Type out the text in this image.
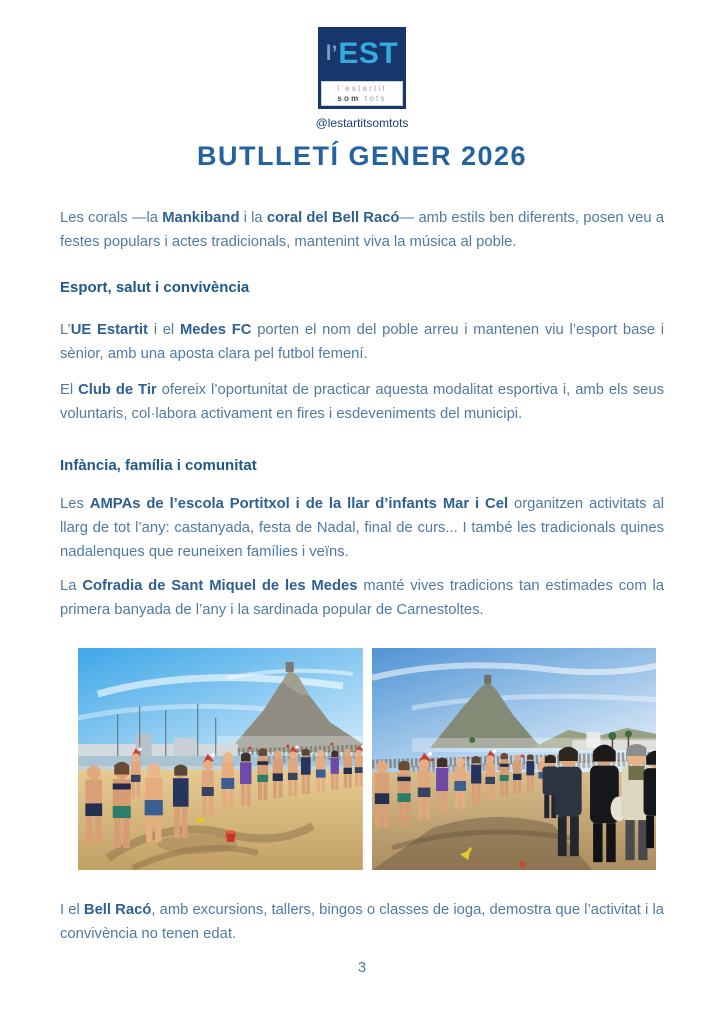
l’ EST
l’estartit
som tots
@lestartitsomtots
BUTLLETÍ GENER 2026

Les corals —la Mankiband i la coral del Bell Racó— amb estils ben diferents, posen veu a festes populars i actes tradicionals, mantenint viva la música al poble.

Esport, salut i convivència

L’UE Estartit i el Medes FC porten el nom del poble arreu i mantenen viu l’esport base i sènior, amb una aposta clara pel futbol femení.

El Club de Tir ofereix l’oportunitat de practicar aquesta modalitat esportiva i, amb els seus voluntaris, col·labora activament en fires i esdeveniments del municipi.

Infància, família i comunitat

Les AMPAs de l’escola Portitxol i de la llar d’infants Mar i Cel organitzen activitats al llarg de tot l’any: castanyada, festa de Nadal, final de curs... I també les tradicionals quines nadalenques que reuneixen famílies i veïns.

La Cofradia de Sant Miquel de les Medes manté vives tradicions tan estimades com la primera banyada de l’any i la sardinada popular de Carnestoltes.

I el Bell Racó, amb excursions, tallers, bingos o classes de ioga, demostra que l’activitat i la convivència no tenen edat.

3
